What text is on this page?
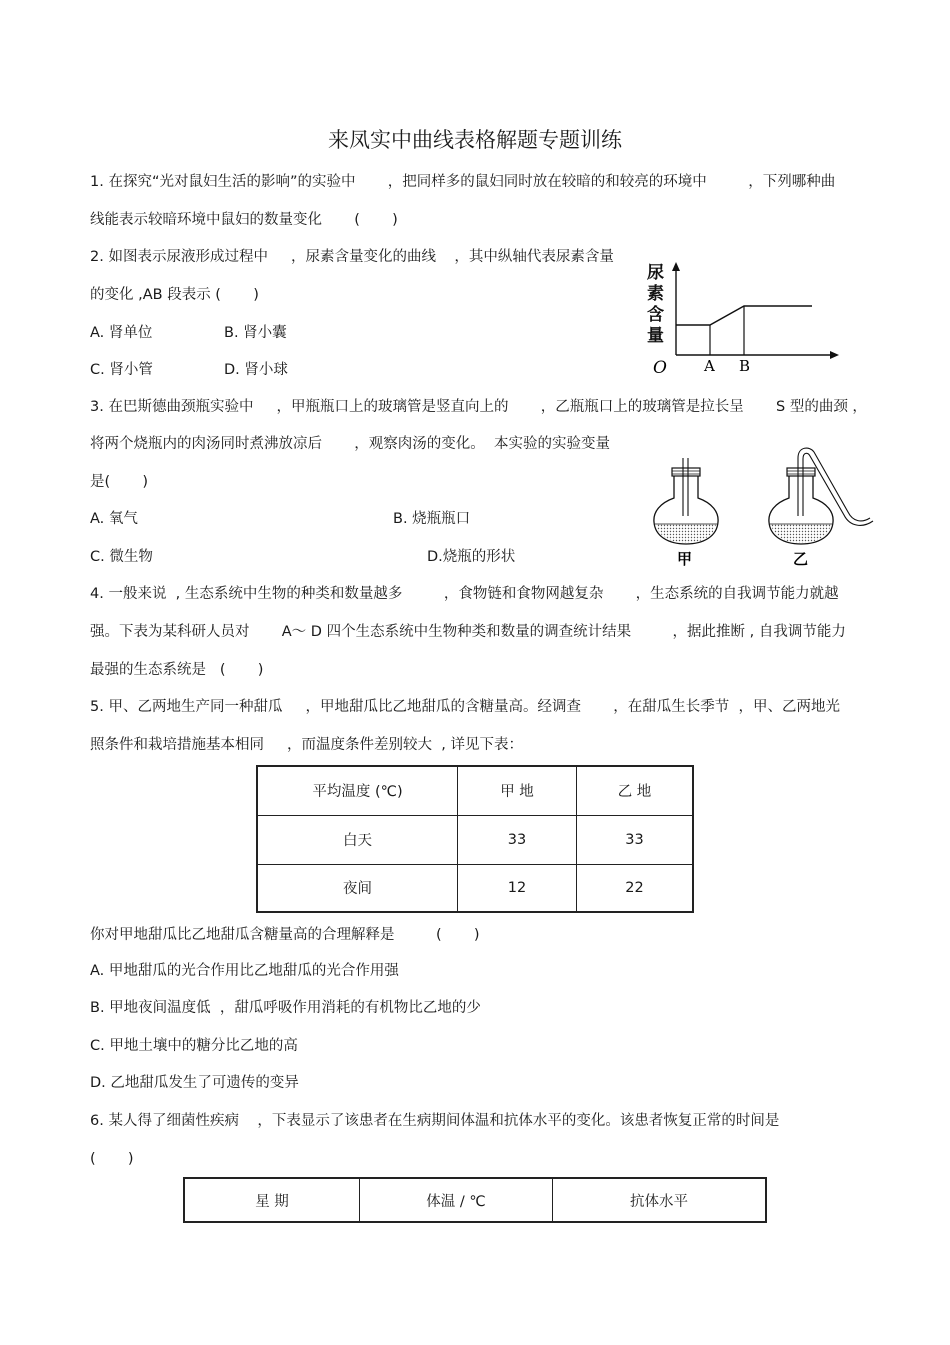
来凤实中曲线表格解题专题训练
1. 在探究“光对鼠妇生活的影响”的实验中       ，把同样多的鼠妇同时放在较暗的和较亮的环境中         ，下列哪种曲
线能表示较暗环境中鼠妇的数量变化       (       )
2. 如图表示尿液形成过程中     ，尿素含量变化的曲线    ，其中纵轴代表尿素含量
的变化 ,AB 段表示 (       )
A. 肾单位	B. 肾小囊
C. 肾小管	D. 肾小球
尿
素
含
量
O A B
3. 在巴斯德曲颈瓶实验中     ，甲瓶瓶口上的玻璃管是竖直向上的       ，乙瓶瓶口上的玻璃管是拉长呈       S 型的曲颈 ，
将两个烧瓶内的肉汤同时煮沸放凉后       ，观察肉汤的变化。  本实验的实验变量
是(       )
A. 氧气	B. 烧瓶瓶口
C. 微生物	D.烧瓶的形状	甲	乙
4. 一般来说  , 生态系统中生物的种类和数量越多         ，食物链和食物网越复杂       ，生态系统的自我调节能力就越
强。下表为某科研人员对       A～ D 四个生态系统中生物种类和数量的调查统计结果         ，据此推断 , 自我调节能力
最强的生态系统是   (       )
5. 甲、乙两地生产同一种甜瓜     ，甲地甜瓜比乙地甜瓜的含糖量高。经调查       ，在甜瓜生长季节  ，甲、乙两地光
照条件和栽培措施基本相同     ，而温度条件差别较大  , 详见下表：
平均温度 (℃)	甲 地	乙 地
白天	33	33
夜间	12	22
你对甲地甜瓜比乙地甜瓜含糖量高的合理解释是         (       )
A. 甲地甜瓜的光合作用比乙地甜瓜的光合作用强
B. 甲地夜间温度低  ，甜瓜呼吸作用消耗的有机物比乙地的少
C. 甲地土壤中的糖分比乙地的高
D. 乙地甜瓜发生了可遗传的变异
6. 某人得了细菌性疾病    ，下表显示了该患者在生病期间体温和抗体水平的变化。该患者恢复正常的时间是
(       )
星 期	体温 / ℃	抗体水平
